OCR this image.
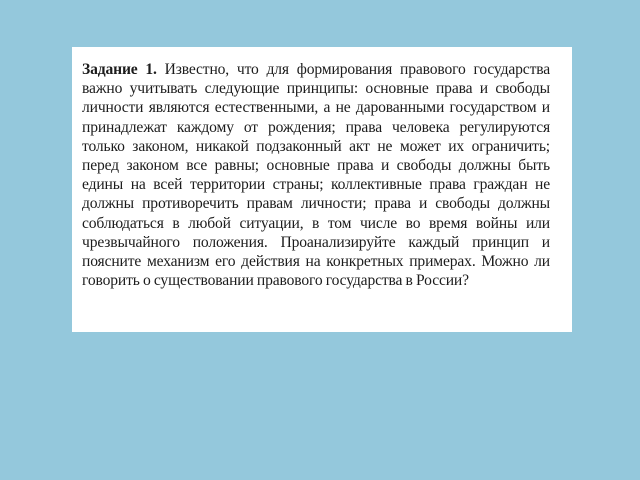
Задание 1. Известно, что для формирования правового государства важно учитывать следующие принципы: основные права и свободы личности являются естественными, а не дарованными государством и принадлежат каждому от рождения; права человека регулируются только законом, никакой подзаконный акт не может их ограничить; перед законом все равны; основные права и свободы должны быть едины на всей территории страны; коллективные права граждан не должны противоречить правам личности; права и свободы должны соблюдаться в любой ситуации, в том числе во время войны или чрезвычайного положения. Проанализируйте каждый принцип и поясните механизм его действия на конкретных примерах. Можно ли говорить о существовании правового государства в России?
